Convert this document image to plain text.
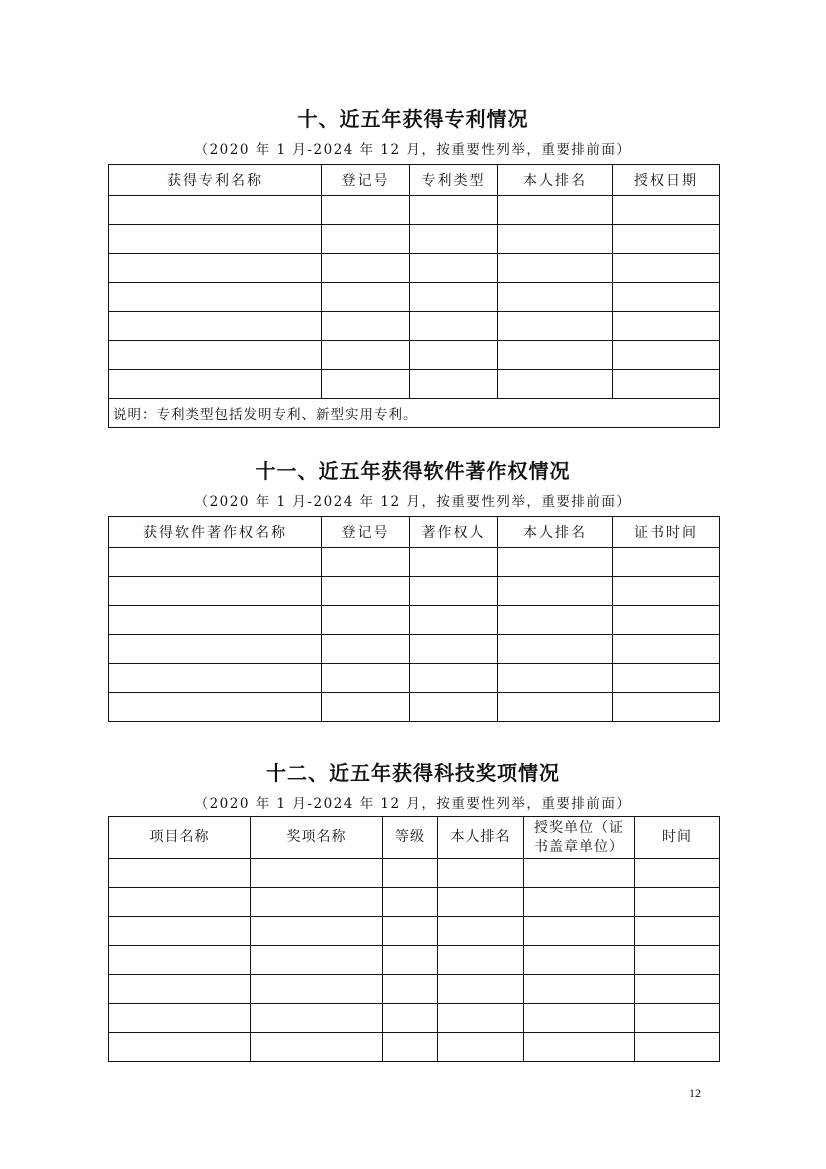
十、近五年获得专利情况

（2020 年 1 月-2024 年 12 月，按重要性列举，重要排前面）

获得专利名称	登记号	专利类型	本人排名	授权日期

说明：专利类型包括发明专利、新型实用专利。				
十一、近五年获得软件著作权情况

（2020 年 1 月-2024 年 12 月，按重要性列举，重要排前面）

获得软件著作权名称	登记号	著作权人	本人排名	证书时间

十二、近五年获得科技奖项情况

（2020 年 1 月-2024 年 12 月，按重要性列举，重要排前面）

项目名称	奖项名称	等级	本人排名	授奖单位（证书盖章单位）	时间

12
